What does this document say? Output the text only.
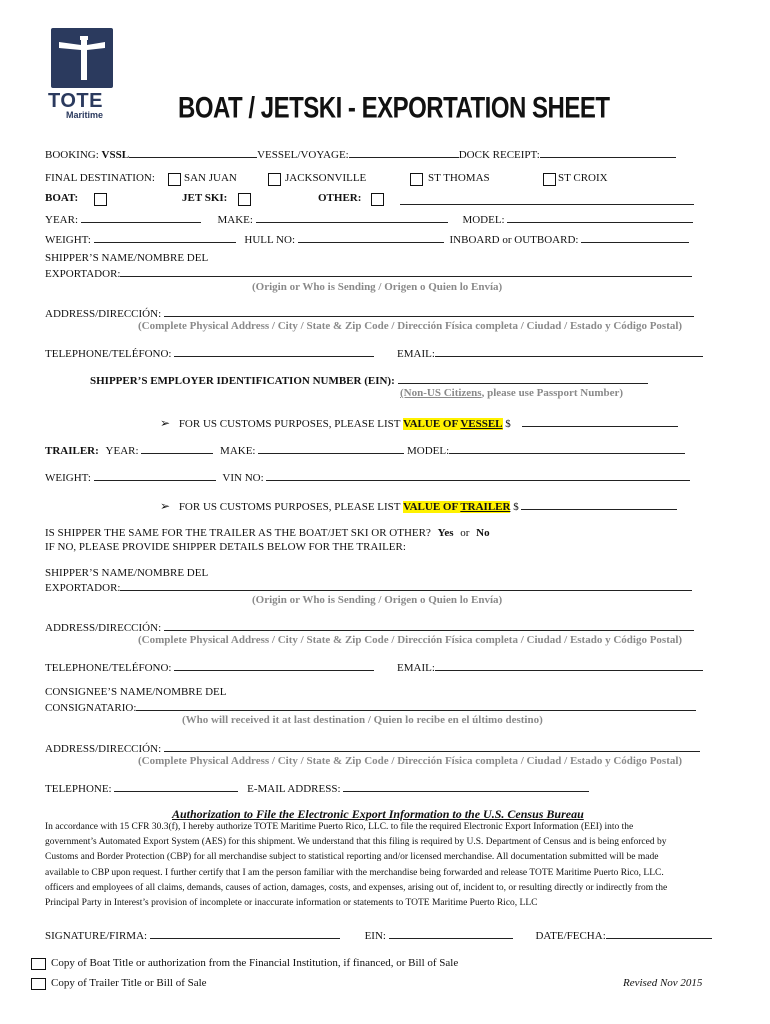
TOTE
Maritime	BOAT / JETSKI - EXPORTATION SHEET
BOOKING: VSSL	VESSEL/VOYAGE:	DOCK RECEIPT:
FINAL DESTINATION:	SAN JUAN	JACKSONVILLE	ST THOMAS	ST CROIX
BOAT:	JET SKI:	OTHER:
YEAR:	MAKE:	MODEL:
WEIGHT:	HULL NO:	INBOARD or OUTBOARD:
SHIPPER’S NAME/NOMBRE DEL
EXPORTADOR:
(Origin or Who is Sending / Origen o Quien lo Envía)
ADDRESS/DIRECCIÓN:
(Complete Physical Address / City / State & Zip Code / Dirección Física completa / Ciudad / Estado y Código Postal)
TELEPHONE/TELÉFONO:	EMAIL:
SHIPPER’S EMPLOYER IDENTIFICATION NUMBER (EIN):
(Non-US Citizens, please use Passport Number)
➢ FOR US CUSTOMS PURPOSES, PLEASE LIST VALUE OF VESSEL $
TRAILER: YEAR:	MAKE:	MODEL:
WEIGHT:	VIN NO:
➢ FOR US CUSTOMS PURPOSES, PLEASE LIST VALUE OF TRAILER $
IS SHIPPER THE SAME FOR THE TRAILER AS THE BOAT/JET SKI OR OTHER? Yes or No
IF NO, PLEASE PROVIDE SHIPPER DETAILS BELOW FOR THE TRAILER:
SHIPPER’S NAME/NOMBRE DEL
EXPORTADOR:
(Origin or Who is Sending / Origen o Quien lo Envía)
ADDRESS/DIRECCIÓN:
(Complete Physical Address / City / State & Zip Code / Dirección Física completa / Ciudad / Estado y Código Postal)
TELEPHONE/TELÉFONO:	EMAIL:
CONSIGNEE’S NAME/NOMBRE DEL
CONSIGNATARIO:
(Who will received it at last destination / Quien lo recibe en el último destino)
ADDRESS/DIRECCIÓN:
(Complete Physical Address / City / State & Zip Code / Dirección Física completa / Ciudad / Estado y Código Postal)
TELEPHONE:	E-MAIL ADDRESS:
Authorization to File the Electronic Export Information to the U.S. Census Bureau
In accordance with 15 CFR 30.3(f), I hereby authorize TOTE Maritime Puerto Rico, LLC. to file the required Electronic Export Information (EEI) into the
government’s Automated Export System (AES) for this shipment. We understand that this filing is required by U.S. Department of Census and is being enforced by
Customs and Border Protection (CBP) for all merchandise subject to statistical reporting and/or licensed merchandise. All documentation submitted will be made
available to CBP upon request. I further certify that I am the person familiar with the merchandise being forwarded and release TOTE Maritime Puerto Rico, LLC.
officers and employees of all claims, demands, causes of action, damages, costs, and expenses, arising out of, incident to, or resulting directly or indirectly from the
Principal Party in Interest’s provision of incomplete or inaccurate information or statements to TOTE Maritime Puerto Rico, LLC
SIGNATURE/FIRMA:	EIN:	DATE/FECHA:
Copy of Boat Title or authorization from the Financial Institution, if financed, or Bill of Sale
Copy of Trailer Title or Bill of Sale	Revised Nov 2015
